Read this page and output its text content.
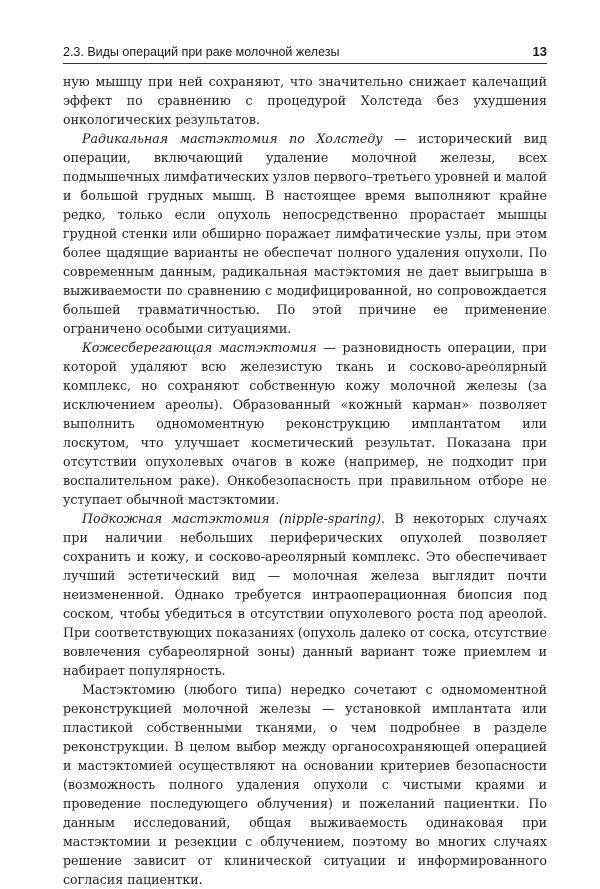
2.3. Виды операций при раке молочной железы	13

ную мышцу при ней сохраняют, что значительно снижает калечащий эффект по сравнению с процедурой Холстеда без ухудшения онкологических результатов.

Радикальная мастэктомия по Холстеду — исторический вид операции, включающий удаление молочной железы, всех подмышечных лимфатических узлов первого–третьего уровней и малой и большой грудных мышц. В настоящее время выполняют крайне редко, только если опухоль непосредственно прорастает мышцы грудной стенки или обширно поражает лимфатические узлы, при этом более щадящие варианты не обеспечат полного удаления опухоли. По современным данным, радикальная мастэктомия не дает выигрыша в выживаемости по сравнению с модифицированной, но сопровождается большей травматичностью. По этой причине ее применение ограничено особыми ситуациями.

Кожесберегающая мастэктомия — разновидность операции, при которой удаляют всю железистую ткань и сосково-ареолярный комплекс, но сохраняют собственную кожу молочной железы (за исключением ареолы). Образованный «кожный карман» позволяет выполнить одномоментную реконструкцию имплантатом или лоскутом, что улучшает косметический результат. Показана при отсутствии опухолевых очагов в коже (например, не подходит при воспалительном раке). Онкобезопасность при правильном отборе не уступает обычной мастэктомии.

Подкожная мастэктомия (nipple-sparing). В некоторых случаях при наличии небольших периферических опухолей позволяет сохранить и кожу, и сосково-ареолярный комплекс. Это обеспечивает лучший эстетический вид — молочная железа выглядит почти неизмененной. Однако требуется интраоперационная биопсия под соском, чтобы убедиться в отсутствии опухолевого роста под ареолой. При соответствующих показаниях (опухоль далеко от соска, отсутствие вовлечения субареолярной зоны) данный вариант тоже приемлем и набирает популярность.

Мастэктомию (любого типа) нередко сочетают с одномоментной реконструкцией молочной железы — установкой имплантата или пластикой собственными тканями, о чем подробнее в разделе реконструкции. В целом выбор между органосохраняющей операцией и мастэктомией осуществляют на основании критериев безопасности (возможность полного удаления опухоли с чистыми краями и проведение последующего облучения) и пожеланий пациентки. По данным исследований, общая выживаемость одинаковая при мастэктомии и резекции с облучением, поэтому во многих случаях решение зависит от клинической ситуации и информированного согласия пациентки.
